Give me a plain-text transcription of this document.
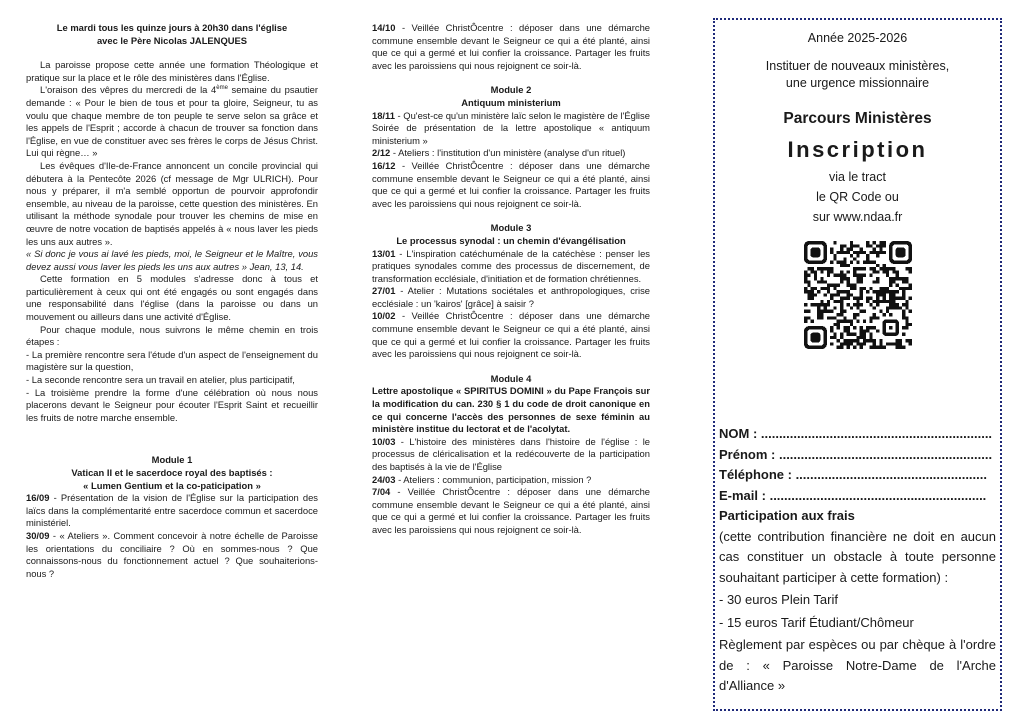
Le mardi tous les quinze jours à 20h30 dans l'église

avec le Père Nicolas JALENQUES

La paroisse propose cette année une formation Théologique et pratique sur la place et le rôle des ministères dans l'Église.

L'oraison des vêpres du mercredi de la 4ème semaine du psautier demande : « Pour le bien de tous et pour ta gloire, Seigneur, tu as voulu que chaque membre de ton peuple te serve selon sa grâce et les appels de l'Esprit ; accorde à chacun de trouver sa fonction dans l'Église, en vue de constituer avec ses frères le corps de Jésus Christ. Lui qui règne… »

Les évêques d'Ile-de-France annoncent un concile provincial qui débutera à la Pentecôte 2026 (cf message de Mgr ULRICH). Pour nous y préparer, il m'a semblé opportun de pourvoir approfondir ensemble, au niveau de la paroisse, cette question des ministères. En utilisant la méthode synodale pour trouver les chemins de mise en œuvre de notre vocation de baptisés appelés à « nous laver les pieds les uns aux autres ».

« Si donc je vous ai lavé les pieds, moi, le Seigneur et le Maître, vous devez aussi vous laver les pieds les uns aux autres » Jean, 13, 14.

Cette formation en 5 modules s'adresse donc à tous et particulièrement à ceux qui ont été engagés ou sont engagés dans une responsabilité dans l'église (dans la paroisse ou dans un mouvement ou ailleurs dans une activité d'Église.

Pour chaque module, nous suivrons le même chemin en trois étapes :

- La première rencontre sera l'étude d'un aspect de l'enseignement du magistère sur la question,

- La seconde rencontre sera un travail en atelier, plus participatif,

- La troisième prendre la forme d'une célébration où nous nous placerons devant le Seigneur pour écouter l'Esprit Saint et recueillir les fruits de notre marche ensemble.

Module 1

Vatican II et le sacerdoce royal des baptisés :

« Lumen Gentium et la co-paticipation »

16/09 - Présentation de la vision de l'Église sur la participation des laïcs dans la complémentarité entre sacerdoce commun et sacerdoce ministériel.

30/09 - « Ateliers ». Comment concevoir à notre échelle de Paroisse les orientations du conciliaire ? Où en sommes-nous ? Que connaissons-nous du fonctionnement actuel ? Que souhaiterions-nous ?

14/10 - Veillée ChristÔcentre : déposer dans une démarche commune ensemble devant le Seigneur ce qui a été planté, ainsi que ce qui a germé et lui confier la croissance. Partager les fruits avec les paroissiens qui nous rejoignent ce soir-là.

Module 2

Antiquum ministerium

18/11 - Qu'est-ce qu'un ministère laïc selon le magistère de l'Église

Soirée de présentation de la lettre apostolique « antiquum ministerium »

2/12 - Ateliers : l'institution d'un ministère (analyse d'un rituel)

16/12 - Veillée ChristÔcentre : déposer dans une démarche commune ensemble devant le Seigneur ce qui a été planté, ainsi que ce qui a germé et lui confier la croissance. Partager les fruits avec les paroissiens qui nous rejoignent ce soir-là.

Module 3

Le processus synodal : un chemin d'évangélisation

13/01 - L'inspiration catéchuménale de la catéchèse : penser les pratiques synodales comme des processus de discernement, de transformation ecclésiale, d'initiation et de formation chrétiennes.

27/01 - Atelier : Mutations sociétales et anthropologiques, crise ecclésiale : un 'kairos' [grâce] à saisir ?

10/02 - Veillée ChristÔcentre : déposer dans une démarche commune ensemble devant le Seigneur ce qui a été planté, ainsi que ce qui a germé et lui confier la croissance. Partager les fruits avec les paroissiens qui nous rejoignent ce soir-là.

Module 4

Lettre apostolique « SPIRITUS DOMINI » du Pape François sur la modification du can. 230 § 1 du code de droit canonique en ce qui concerne l'accès des personnes de sexe féminin au ministère institue du lectorat et de l'acolytat.

10/03 - L'histoire des ministères dans l'histoire de l'église : le processus de cléricalisation et la redécouverte de la participation des baptisés à la vie de l'Église

24/03 - Ateliers : communion, participation, mission ?

7/04 - Veillée ChristÔcentre : déposer dans une démarche commune ensemble devant le Seigneur ce qui a été planté, ainsi que ce qui a germé et lui confier la croissance. Partager les fruits avec les paroissiens qui nous rejoignent ce soir-là.

Année 2025-2026
Instituer de nouveaux ministères,
une urgence missionnaire
Parcours Ministères
Inscription
via le tract
le QR Code ou
sur www.ndaa.fr
NOM : ................................................................
Prénom : ...........................................................
Téléphone : .....................................................
E-mail : ............................................................
Participation aux frais
(cette contribution financière ne doit en aucun cas constituer un obstacle à toute personne souhaitant participer à cette formation) :
- 30 euros Plein Tarif
- 15 euros Tarif Étudiant/Chômeur
Règlement par espèces ou par chèque à l'ordre de : « Paroisse Notre-Dame de l'Arche d'Alliance »
